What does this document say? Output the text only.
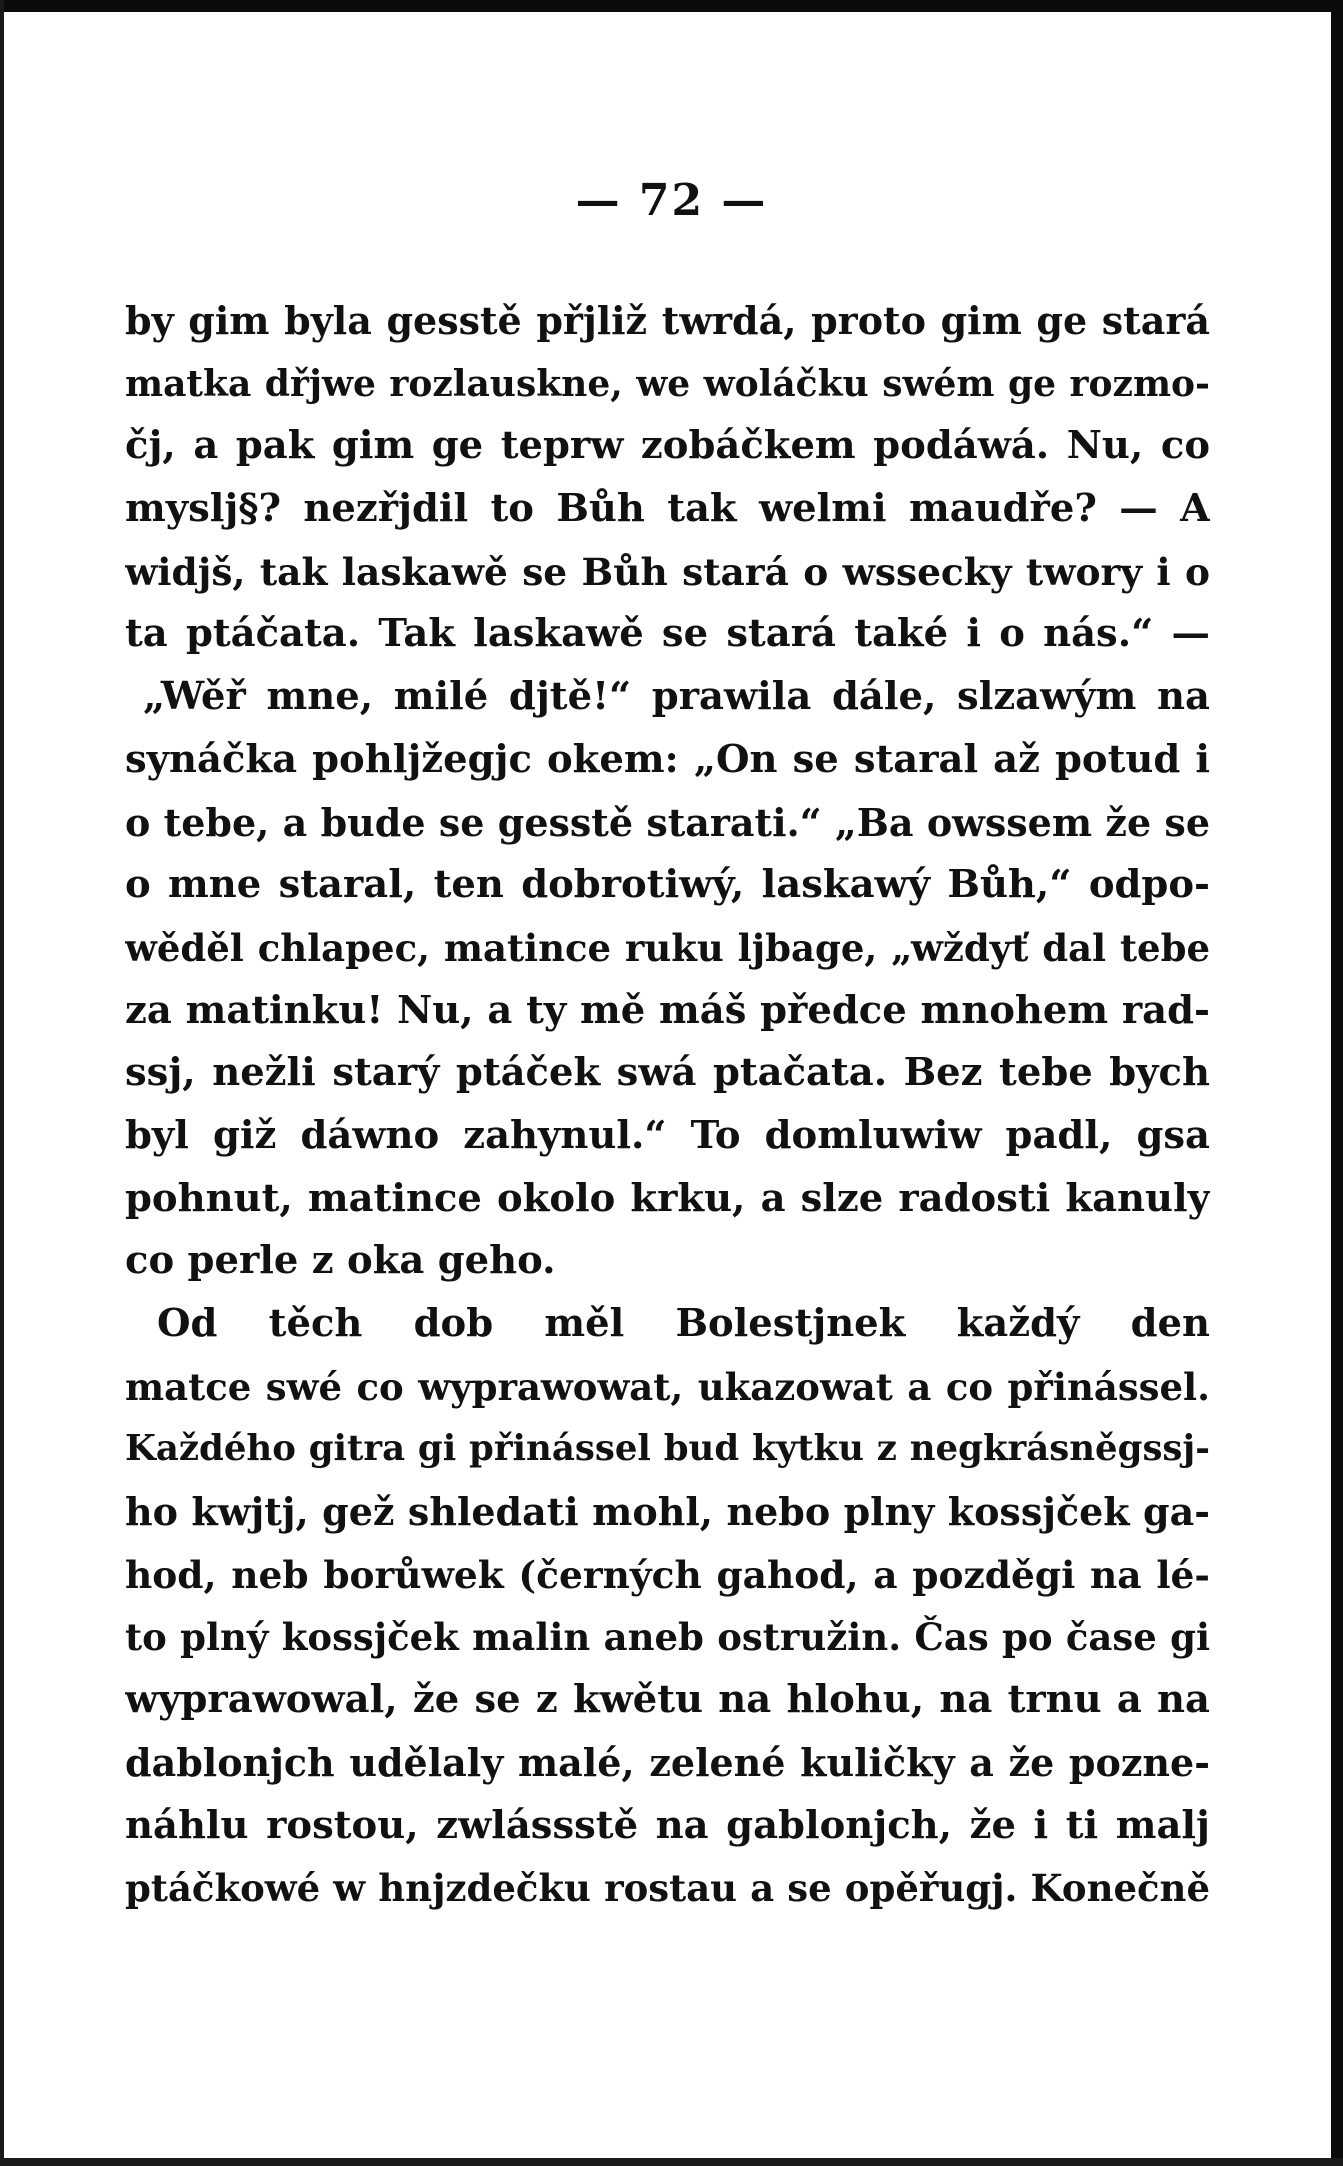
— 72 —
by gim byla gesstě přjliž twrdá, proto gim ge stará
matka dřjwe rozlauskne, we woláčku swém ge rozmo-
čj, a pak gim ge teprw zobáčkem podáwá. Nu, co
myslj§? nezřjdil to Bůh tak welmi maudře? — A
widjš, tak laskawě se Bůh stará o wssecky twory i o
ta ptáčata. Tak laskawě se stará také i o nás.“ —
„Wěř mne, milé djtě!“ prawila dále, slzawým na
synáčka pohljžegjc okem: „On se staral až potud i
o tebe, a bude se gesstě starati.“ „Ba owssem že se
o mne staral, ten dobrotiwý, laskawý Bůh,“ odpo-
wěděl chlapec, matince ruku ljbage, „wždyť dal tebe
za matinku! Nu, a ty mě máš předce mnohem rad-
ssj, nežli starý ptáček swá ptačata. Bez tebe bych
byl giž dáwno zahynul.“ To domluwiw padl, gsa
pohnut, matince okolo krku, a slze radosti kanuly
co perle z oka geho.
Od těch dob měl Bolestjnek každý den
matce swé co wyprawowat, ukazowat a co přinássel.
Každého gitra gi přinássel bud kytku z negkrásněgssj-
ho kwjtj, gež shledati mohl, nebo plny kossjček ga-
hod, neb borůwek (černých gahod, a pozděgi na lé-
to plný kossjček malin aneb ostružin. Čas po čase gi
wyprawowal, že se z kwětu na hlohu, na trnu a na
dablonjch udělaly malé, zelené kuličky a že pozne-
náhlu rostou, zwlássstě na gablonjch, že i ti malj
ptáčkowé w hnjzdečku rostau a se opěřugj. Konečně
